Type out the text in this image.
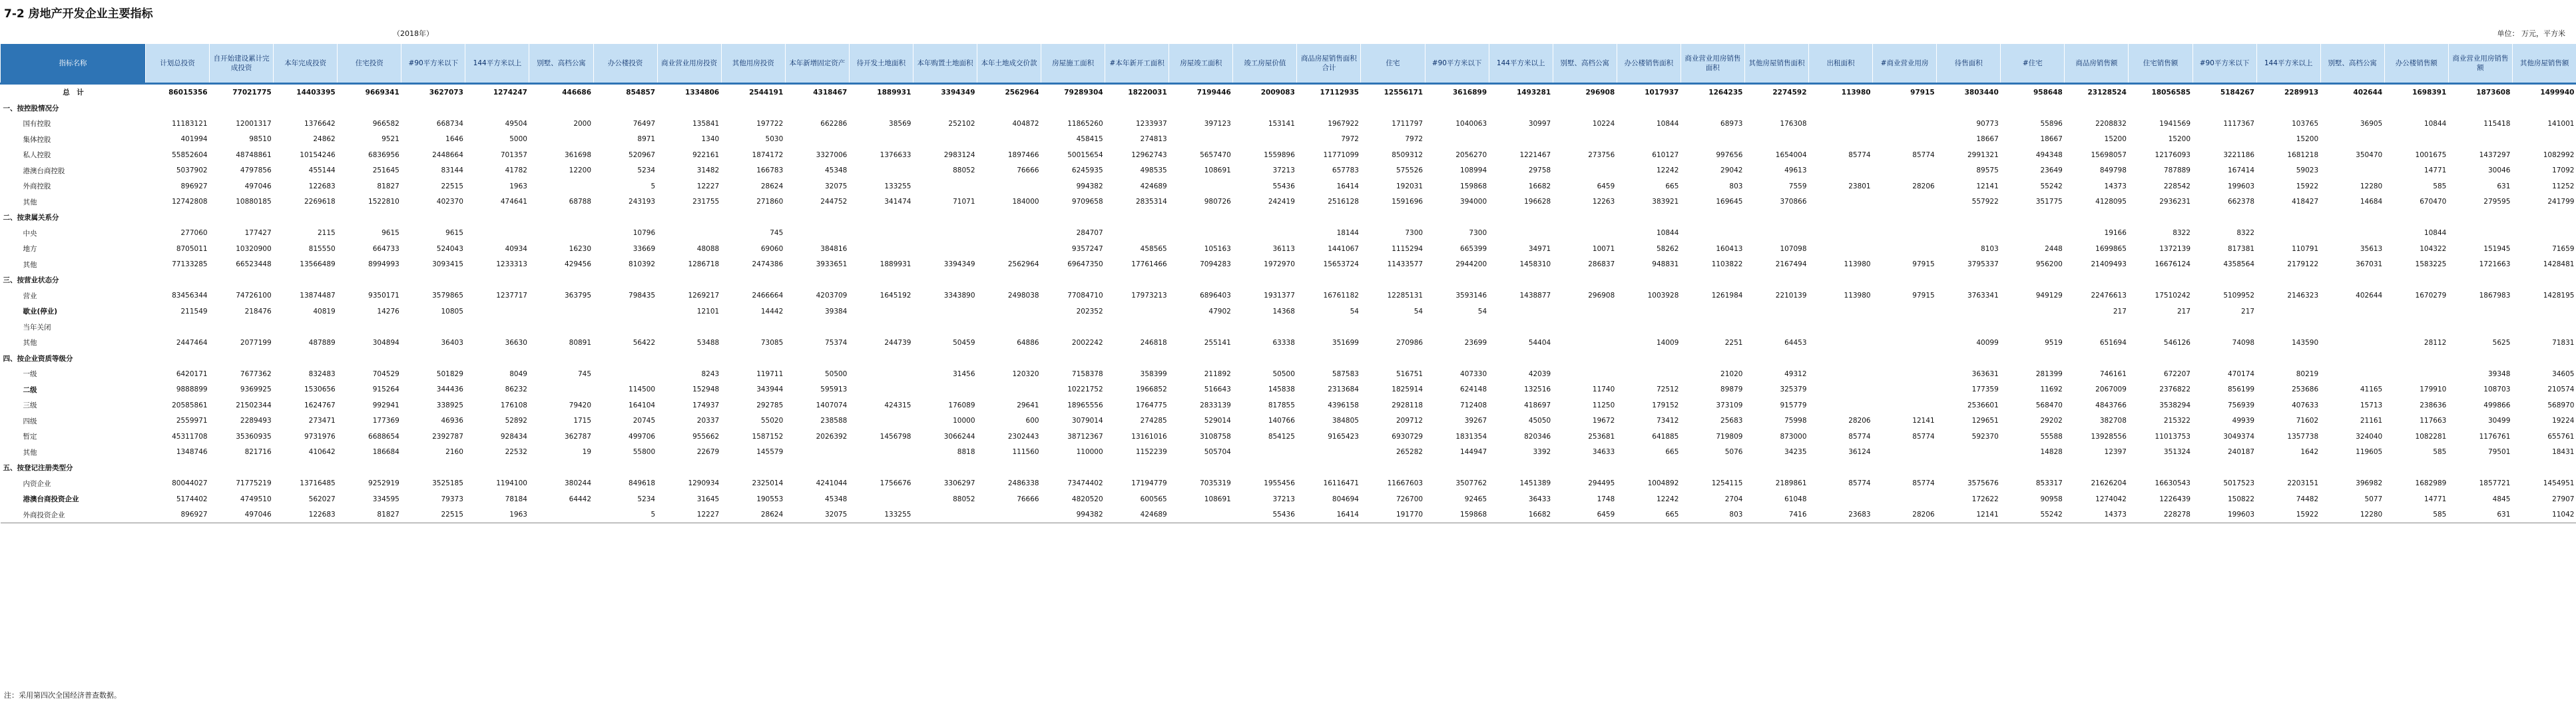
7-2 房地产开发企业主要指标
（2018年）	单位： 万元，平方米
指标名称	计划总投资	自开始建设累计完成投资	本年完成投资	住宅投资	#90平方米以下	144平方米以上	别墅、高档公寓	办公楼投资	商业营业用房投资	其他用房投资	本年新增固定资产	待开发土地面积	本年购置土地面积	本年土地成交价款	房屋施工面积	#本年新开工面积	房屋竣工面积	竣工房屋价值	商品房屋销售面积合计	住宅	#90平方米以下	144平方米以上	别墅、高档公寓	办公楼销售面积	商业营业用房销售面积	其他房屋销售面积	出租面积	#商业营业用房	待售面积	#住宅	商品房销售额	住宅销售额	#90平方米以下	144平方米以上	别墅、高档公寓	办公楼销售额	商业营业用房销售额	其他房屋销售额	
总　计	86015356	77021775	14403395	9669341	3627073	1274247	446686	854857	1334806	2544191	4318467	1889931	3394349	2562964	79289304	18220031	7199446	2009083	17112935	12556171	3616899	1493281	296908	1017937	1264235	2274592	113980	97915	3803440	958648	23128524	18056585	5184267	2289913	402644	1698391	1873608	1499940	
一、按控股情况分																																							
国有控股	11183121	12001317	1376642	966582	668734	49504	2000	76497	135841	197722	662286	38569	252102	404872	11865260	1233937	397123	153141	1967922	1711797	1040063	30997	10224	10844	68973	176308			90773	55896	2208832	1941569	1117367	103765	36905	10844	115418	141001	
集体控股	401994	98510	24862	9521	1646	5000		8971	1340	5030					458415	274813			7972	7972									18667	18667	15200	15200		15200					
私人控股	55852604	48748861	10154246	6836956	2448664	701357	361698	520967	922161	1874172	3327006	1376633	2983124	1897466	50015654	12962743	5657470	1559896	11771099	8509312	2056270	1221467	273756	610127	997656	1654004	85774	85774	2991321	494348	15698057	12176093	3221186	1681218	350470	1001675	1437297	1082992	
港澳台商控股	5037902	4797856	455144	251645	83144	41782	12200	5234	31482	166783	45348		88052	76666	6245935	498535	108691	37213	657783	575526	108994	29758		12242	29042	49613			89575	23649	849798	787889	167414	59023		14771	30046	17092	
外商控股	896927	497046	122683	81827	22515	1963		5	12227	28624	32075	133255			994382	424689		55436	16414	192031	159868	16682	6459	665	803	7559	23801	28206	12141	55242	14373	228542	199603	15922	12280	585	631	11252	
其他	12742808	10880185	2269618	1522810	402370	474641	68788	243193	231755	271860	244752	341474	71071	184000	9709658	2835314	980726	242419	2516128	1591696	394000	196628	12263	383921	169645	370866			557922	351775	4128095	2936231	662378	418427	14684	670470	279595	241799	
二、按隶属关系分																																							
中央	277060	177427	2115	9615	9615			10796		745					284707				18144	7300	7300			10844							19166	8322	8322			10844			
地方	8705011	10320900	815550	664733	524043	40934	16230	33669	48088	69060	384816				9357247	458565	105163	36113	1441067	1115294	665399	34971	10071	58262	160413	107098			8103	2448	1699865	1372139	817381	110791	35613	104322	151945	71659	
其他	77133285	66523448	13566489	8994993	3093415	1233313	429456	810392	1286718	2474386	3933651	1889931	3394349	2562964	69647350	17761466	7094283	1972970	15653724	11433577	2944200	1458310	286837	948831	1103822	2167494	113980	97915	3795337	956200	21409493	16676124	4358564	2179122	367031	1583225	1721663	1428481	
三、按营业状态分																																							
营业	83456344	74726100	13874487	9350171	3579865	1237717	363795	798435	1269217	2466664	4203709	1645192	3343890	2498038	77084710	17973213	6896403	1931377	16761182	12285131	3593146	1438877	296908	1003928	1261984	2210139	113980	97915	3763341	949129	22476613	17510242	5109952	2146323	402644	1670279	1867983	1428195	
歇业(停业)	211549	218476	40819	14276	10805				12101	14442	39384				202352		47902	14368	54	54	54										217	217	217						
当年关闭																																							
其他	2447464	2077199	487889	304894	36403	36630	80891	56422	53488	73085	75374	244739	50459	64886	2002242	246818	255141	63338	351699	270986	23699	54404		14009	2251	64453			40099	9519	651694	546126	74098	143590		28112	5625	71831	
四、按企业资质等级分																																							
一级	6420171	7677362	832483	704529	501829	8049	745		8243	119711	50500		31456	120320	7158378	358399	211892	50500	587583	516751	407330	42039			21020	49312			363631	281399	746161	672207	470174	80219			39348	34605	
二级	9888899	9369925	1530656	915264	344436	86232		114500	152948	343944	595913				10221752	1966852	516643	145838	2313684	1825914	624148	132516	11740	72512	89879	325379			177359	11692	2067009	2376822	856199	253686	41165	179910	108703	210574	
三级	20585861	21502344	1624767	992941	338925	176108	79420	164104	174937	292785	1407074	424315	176089	29641	18965556	1764775	2833139	817855	4396158	2928118	712408	418697	11250	179152	373109	915779			2536601	568470	4843766	3538294	756939	407633	15713	238636	499866	568970	
四级	2559971	2289493	273471	177369	46936	52892	1715	20745	20337	55020	238588		10000	600	3079014	274285	529014	140766	384805	209712	39267	45050	19672	73412	25683	75998	28206	12141	129651	29202	382708	215322	49939	71602	21161	117663	30499	19224	
暂定	45311708	35360935	9731976	6688654	2392787	928434	362787	499706	955662	1587152	2026392	1456798	3066244	2302443	38712367	13161016	3108758	854125	9165423	6930729	1831354	820346	253681	641885	719809	873000	85774	85774	592370	55588	13928556	11013753	3049374	1357738	324040	1082281	1176761	655761	
其他	1348746	821716	410642	186684	2160	22532	19	55800	22679	145579			8818	111560	110000	1152239	505704			265282	144947	3392	34633	665	5076	34235	36124			14828	12397	351324	240187	1642	119605	585	79501	18431	
五、按登记注册类型分																																							
内资企业	80044027	71775219	13716485	9252919	3525185	1194100	380244	849618	1290934	2325014	4241044	1756676	3306297	2486338	73474402	17194779	7035319	1955456	16116471	11667603	3507762	1451389	294495	1004892	1254115	2189861	85774	85774	3575676	853317	21626204	16630543	5017523	2203151	396982	1682989	1857721	1454951	
港澳台商投资企业	5174402	4749510	562027	334595	79373	78184	64442	5234	31645	190553	45348		88052	76666	4820520	600565	108691	37213	804694	726700	92465	36433	1748	12242	2704	61048			172622	90958	1274042	1226439	150822	74482	5077	14771	4845	27907	
外商投资企业	896927	497046	122683	81827	22515	1963		5	12227	28624	32075	133255			994382	424689		55436	16414	191770	159868	16682	6459	665	803	7416	23683	28206	12141	55242	14373	228278	199603	15922	12280	585	631	11042	
注：采用第四次全国经济普查数据。
